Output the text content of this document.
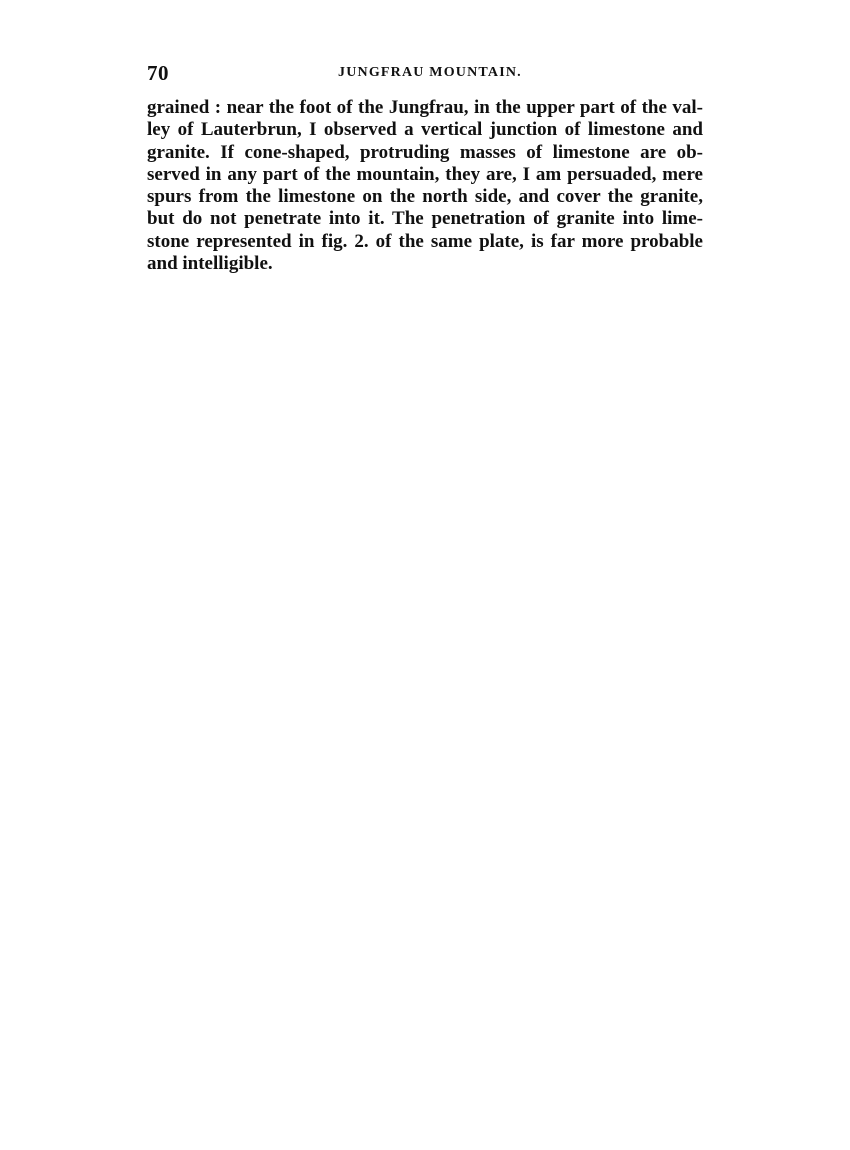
70	JUNGFRAU MOUNTAIN.
grained : near the foot of the Jungfrau, in the upper part of the val-
ley of Lauterbrun, I observed a vertical junction of limestone and
granite. If cone-shaped, protruding masses of limestone are ob-
served in any part of the mountain, they are, I am persuaded, mere
spurs from the limestone on the north side, and cover the granite,
but do not penetrate into it. The penetration of granite into lime-
stone represented in fig. 2. of the same plate, is far more probable
and intelligible.
